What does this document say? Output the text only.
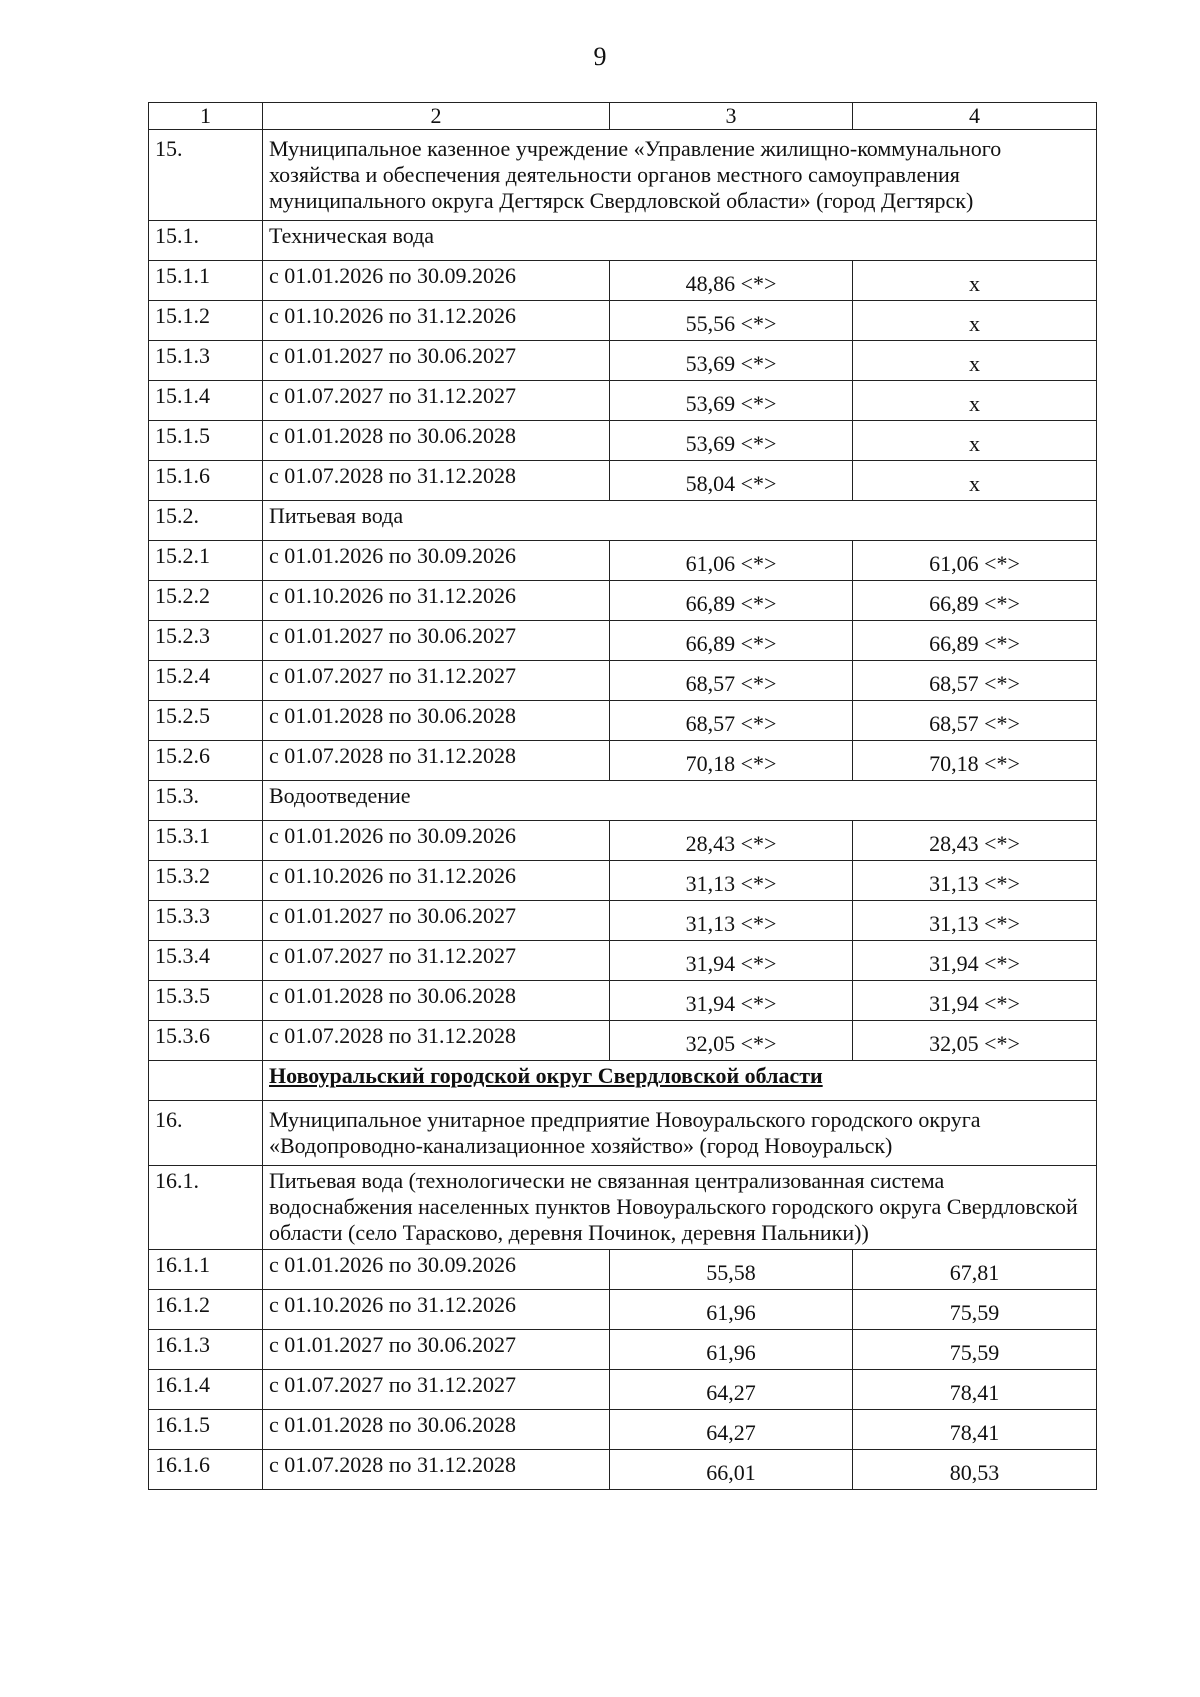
9
1	2	3	4
15.	Муниципальное казенное учреждение «Управление жилищно-коммунального хозяйства и обеспечения деятельности органов местного самоуправления муниципального округа Дегтярск Свердловской области» (город Дегтярск)		
15.1.	Техническая вода		
15.1.1	с 01.01.2026 по 30.09.2026	48,86 <*>	х
15.1.2	с 01.10.2026 по 31.12.2026	55,56 <*>	х
15.1.3	с 01.01.2027 по 30.06.2027	53,69 <*>	х
15.1.4	с 01.07.2027 по 31.12.2027	53,69 <*>	х
15.1.5	с 01.01.2028 по 30.06.2028	53,69 <*>	х
15.1.6	с 01.07.2028 по 31.12.2028	58,04 <*>	х
15.2.	Питьевая вода		
15.2.1	с 01.01.2026 по 30.09.2026	61,06 <*>	61,06 <*>
15.2.2	с 01.10.2026 по 31.12.2026	66,89 <*>	66,89 <*>
15.2.3	с 01.01.2027 по 30.06.2027	66,89 <*>	66,89 <*>
15.2.4	с 01.07.2027 по 31.12.2027	68,57 <*>	68,57 <*>
15.2.5	с 01.01.2028 по 30.06.2028	68,57 <*>	68,57 <*>
15.2.6	с 01.07.2028 по 31.12.2028	70,18 <*>	70,18 <*>
15.3.	Водоотведение		
15.3.1	с 01.01.2026 по 30.09.2026	28,43 <*>	28,43 <*>
15.3.2	с 01.10.2026 по 31.12.2026	31,13 <*>	31,13 <*>
15.3.3	с 01.01.2027 по 30.06.2027	31,13 <*>	31,13 <*>
15.3.4	с 01.07.2027 по 31.12.2027	31,94 <*>	31,94 <*>
15.3.5	с 01.01.2028 по 30.06.2028	31,94 <*>	31,94 <*>
15.3.6	с 01.07.2028 по 31.12.2028	32,05 <*>	32,05 <*>
	Новоуральский городской округ Свердловской области		
16.	Муниципальное унитарное предприятие Новоуральского городского округа «Водопроводно-канализационное хозяйство» (город Новоуральск)		
16.1.	Питьевая вода (технологически не связанная централизованная система водоснабжения населенных пунктов Новоуральского городского округа Свердловской области (село Тарасково, деревня Починок, деревня Пальники))		
16.1.1	с 01.01.2026 по 30.09.2026	55,58	67,81
16.1.2	с 01.10.2026 по 31.12.2026	61,96	75,59
16.1.3	с 01.01.2027 по 30.06.2027	61,96	75,59
16.1.4	с 01.07.2027 по 31.12.2027	64,27	78,41
16.1.5	с 01.01.2028 по 30.06.2028	64,27	78,41
16.1.6	с 01.07.2028 по 31.12.2028	66,01	80,53
